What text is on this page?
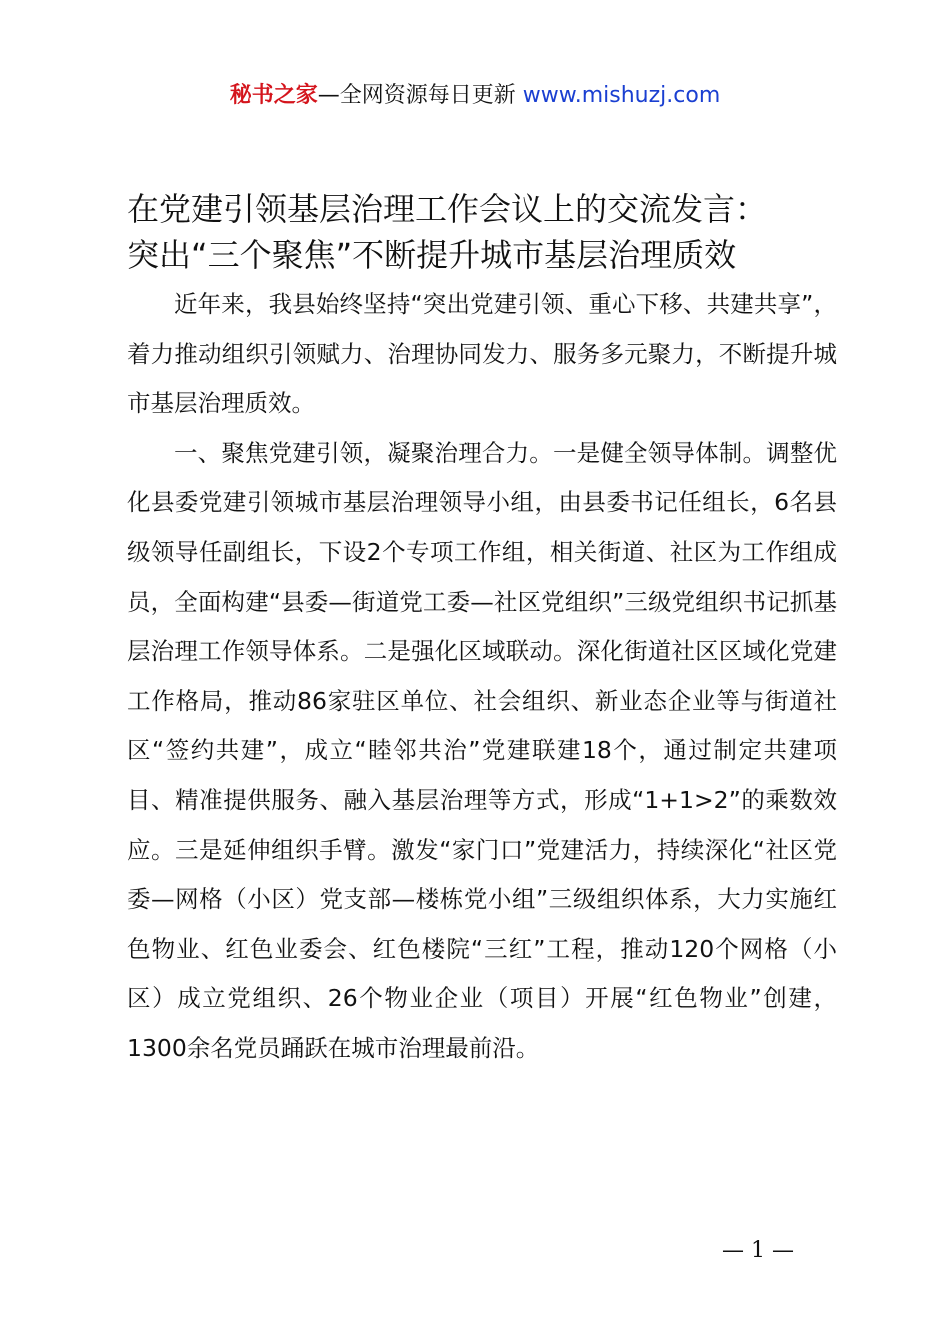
秘书之家—全网资源每日更新 www.mishuzj.com
在党建引领基层治理工作会议上的交流发言：
突出“三个聚焦”不断提升城市基层治理质效

近年来，我县始终坚持“突出党建引领、重心下移、共建共享”，着力推动组织引领赋力、治理协同发力、服务多元聚力，不断提升城市基层治理质效。

一、聚焦党建引领，凝聚治理合力。一是健全领导体制。调整优化县委党建引领城市基层治理领导小组，由县委书记任组长，6名县级领导任副组长，下设2个专项工作组，相关街道、社区为工作组成员，全面构建“县委—街道党工委—社区党组织”三级党组织书记抓基层治理工作领导体系。二是强化区域联动。深化街道社区区域化党建工作格局，推动86家驻区单位、社会组织、新业态企业等与街道社区“签约共建”，成立“睦邻共治”党建联建18个，通过制定共建项目、精准提供服务、融入基层治理等方式，形成“1+1>2”的乘数效应。三是延伸组织手臂。激发“家门口”党建活力，持续深化“社区党委—网格（小区）党支部—楼栋党小组”三级组织体系，大力实施红色物业、红色业委会、红色楼院“三红”工程，推动120个网格（小区）成立党组织、26个物业企业（项目）开展“红色物业”创建，1300余名党员踊跃在城市治理最前沿。

— 1 —
